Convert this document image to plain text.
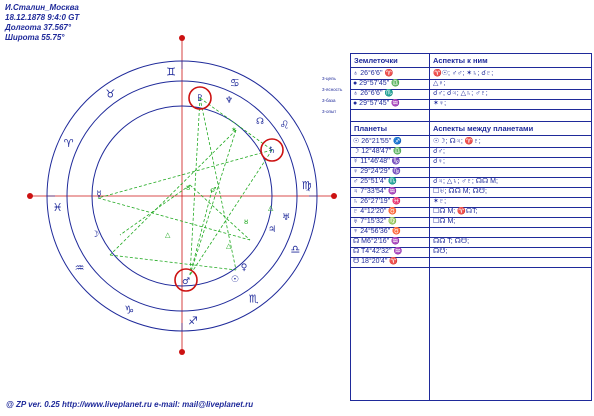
И.Сталин_Москва
18.12.1878 9:4:0 GT
Долгота 37.567°
Широта 55.75°
♈
♉
♊
♋
♌
♍
♎
♏
♐
♑
♒
♓
3-цель
3-ясность
3-база
3-опыт
✶
ȣ	♂
△
△
△
ȣ
♇ ♆
♄
☊
♅
♂	☉
♀
☿
☽	♃
Землеточки	Аспекты к ним
♁ 26°6'6'' ♈	♈☉; ♂♂; ✶♄; ☌♇;
● 29°57'45'' ♎	△♀;
♁ 26°6'6'' ♏	☌♂; ☌♃; △♄; ♂♇;
● 29°57'45'' ♒	✶♀;
Планеты	Аспекты между планетами
☉ 26°21'55'' ♐	☉☽; ☊♃; ♈♇;
☽ 12°48'47'' ♎	☌♂;
☿ 11°46'48'' ♑	☌♀;
♀ 29°24'29'' ♑
♂ 25°51'4'' ♏	☌♃; △♄; ♂♇; ☊☊ M;
♃ 7°33'54'' ♒	☐♅; ☊☊ M; ☊☋;
♄ 26°27'19'' ♓	✶♇;
♇ 4°12'20'' ♉	☐☊ M; ♈☊T;
♅ 7°15'32'' ♍	☐☊ M;
♆ 24°56'36'' ♉
☊ M6°2'16'' ♒	☊☊ T; ☊☋;
☊ T4°42'32'' ♒	☊☋;
☋ 18°20'4'' ♈
@ ZP ver. 0.25 http://www.liveplanet.ru e-mail: mail@liveplanet.ru
